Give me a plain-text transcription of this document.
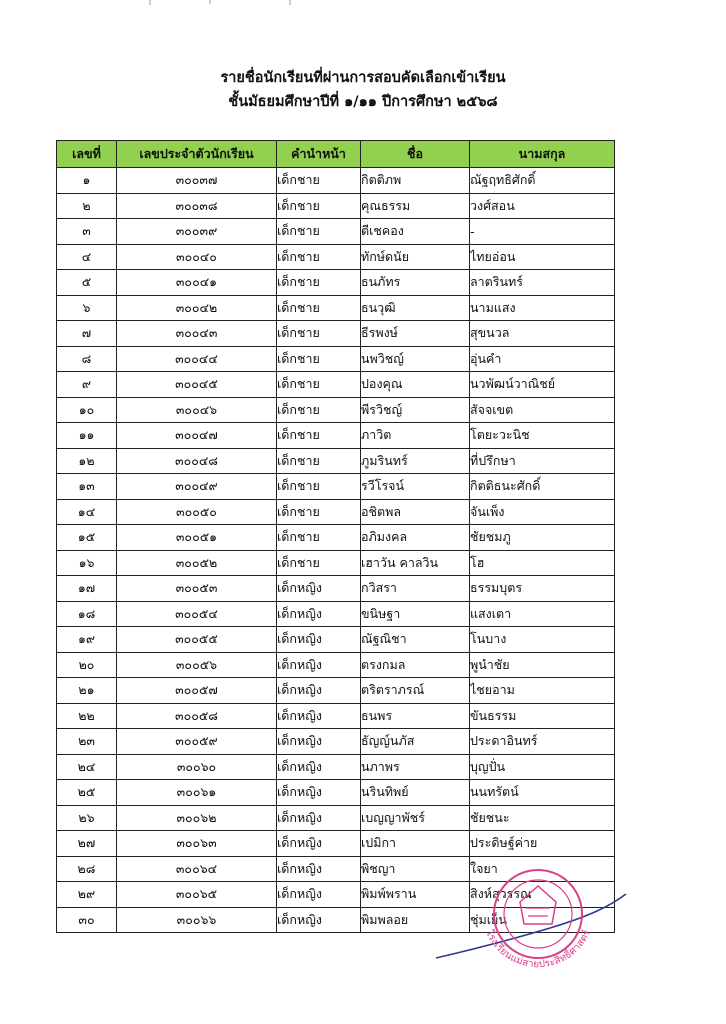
รายชื่อนักเรียนที่ผ่านการสอบคัดเลือกเข้าเรียน
ชั้นมัธยมศึกษาปีที่ ๑/๑๑ ปีการศึกษา ๒๕๖๘
เลขที่	เลขประจำตัวนักเรียน	คำนำหน้า	ชื่อ	นามสกุล
๑	๓๐๐๓๗	เด็กชาย	กิตติภพ	ณัฐฤทธิศักดิ์
๒	๓๐๐๓๘	เด็กชาย	คุณธรรม	วงศ์สอน
๓	๓๐๐๓๙	เด็กชาย	ตีเชคอง	-
๔	๓๐๐๔๐	เด็กชาย	ทักษ์ดนัย	ไทยอ่อน
๕	๓๐๐๔๑	เด็กชาย	ธนภัทร	ลาตรินทร์
๖	๓๐๐๔๒	เด็กชาย	ธนวุฒิ	นามแสง
๗	๓๐๐๔๓	เด็กชาย	ธีรพงษ์	สุขนวล
๘	๓๐๐๔๔	เด็กชาย	นพวิชญ์	อุ่นคำ
๙	๓๐๐๔๕	เด็กชาย	ปองคุณ	นวพัฒน์วาณิชย์
๑๐	๓๐๐๔๖	เด็กชาย	พีรวิชญ์	สัจจเขต
๑๑	๓๐๐๔๗	เด็กชาย	ภาวิต	โตยะวะนิช
๑๒	๓๐๐๔๘	เด็กชาย	ภูมรินทร์	ที่ปรึกษา
๑๓	๓๐๐๔๙	เด็กชาย	รวีโรจน์	กิตติธนะศักดิ์
๑๔	๓๐๐๕๐	เด็กชาย	อชิตพล	จันเพ็ง
๑๕	๓๐๐๕๑	เด็กชาย	อภิมงคล	ชัยชมภู
๑๖	๓๐๐๕๒	เด็กชาย	เฮาวัน คาลวิน	โฮ
๑๗	๓๐๐๕๓	เด็กหญิง	กวิสรา	ธรรมบุตร
๑๘	๓๐๐๕๔	เด็กหญิง	ขนิษฐา	แสงเตา
๑๙	๓๐๐๕๕	เด็กหญิง	ณัฐณิชา	โนบาง
๒๐	๓๐๐๕๖	เด็กหญิง	ตรงกมล	พูนำชัย
๒๑	๓๐๐๕๗	เด็กหญิง	ตริตราภรณ์	ไชยอาม
๒๒	๓๐๐๕๘	เด็กหญิง	ธนพร	ขันธรรม
๒๓	๓๐๐๕๙	เด็กหญิง	ธัญญ์นภัส	ประดาอินทร์
๒๔	๓๐๐๖๐	เด็กหญิง	นภาพร	บุญปั่น
๒๕	๓๐๐๖๑	เด็กหญิง	นรินทิพย์	นนทรัตน์
๒๖	๓๐๐๖๒	เด็กหญิง	เบญญาพัชร์	ชัยชนะ
๒๗	๓๐๐๖๓	เด็กหญิง	เปมิกา	ประดิษฐ์ค่าย
๒๘	๓๐๐๖๔	เด็กหญิง	พิชญา	ใจยา
๒๙	๓๐๐๖๕	เด็กหญิง	พิมพ์พราน	สิงห์สุวรรณ
๓๐	๓๐๐๖๖	เด็กหญิง	พิมพลอย	ชุ่มเย็น
โรงเรียนแม่สายประสิทธิ์ศาสตร์
